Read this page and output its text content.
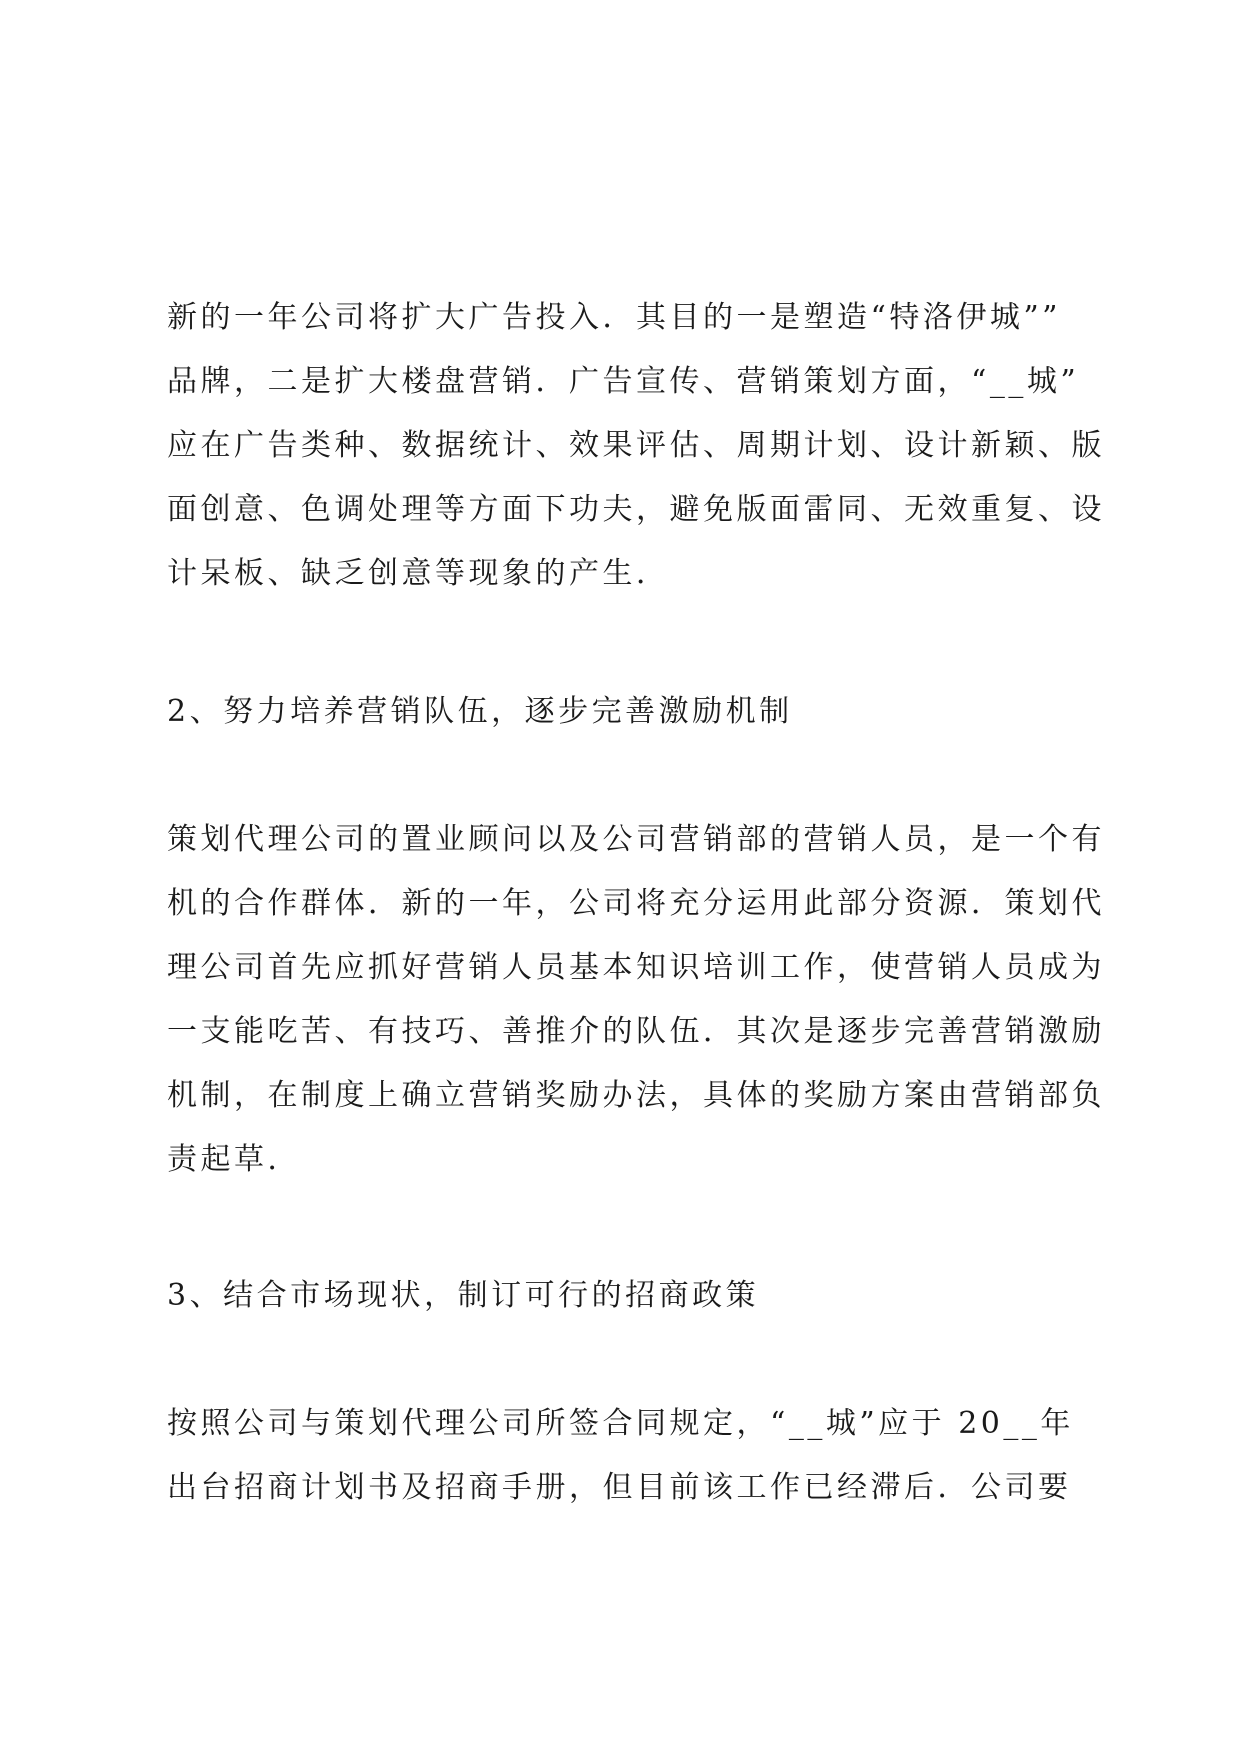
新的一年公司将扩大广告投入．其目的一是塑造“特洛伊城””
品牌，二是扩大楼盘营销．广告宣传、营销策划方面，“__城”
应在广告类种、数据统计、效果评估、周期计划、设计新颖、版
面创意、色调处理等方面下功夫，避免版面雷同、无效重复、设
计呆板、缺乏创意等现象的产生．
2、努力培养营销队伍，逐步完善激励机制
策划代理公司的置业顾问以及公司营销部的营销人员，是一个有
机的合作群体．新的一年，公司将充分运用此部分资源．策划代
理公司首先应抓好营销人员基本知识培训工作，使营销人员成为
一支能吃苦、有技巧、善推介的队伍．其次是逐步完善营销激励
机制，在制度上确立营销奖励办法，具体的奖励方案由营销部负
责起草．
3、结合市场现状，制订可行的招商政策
按照公司与策划代理公司所签合同规定，“__城”应于 20__年
出台招商计划书及招商手册，但目前该工作已经滞后．公司要
